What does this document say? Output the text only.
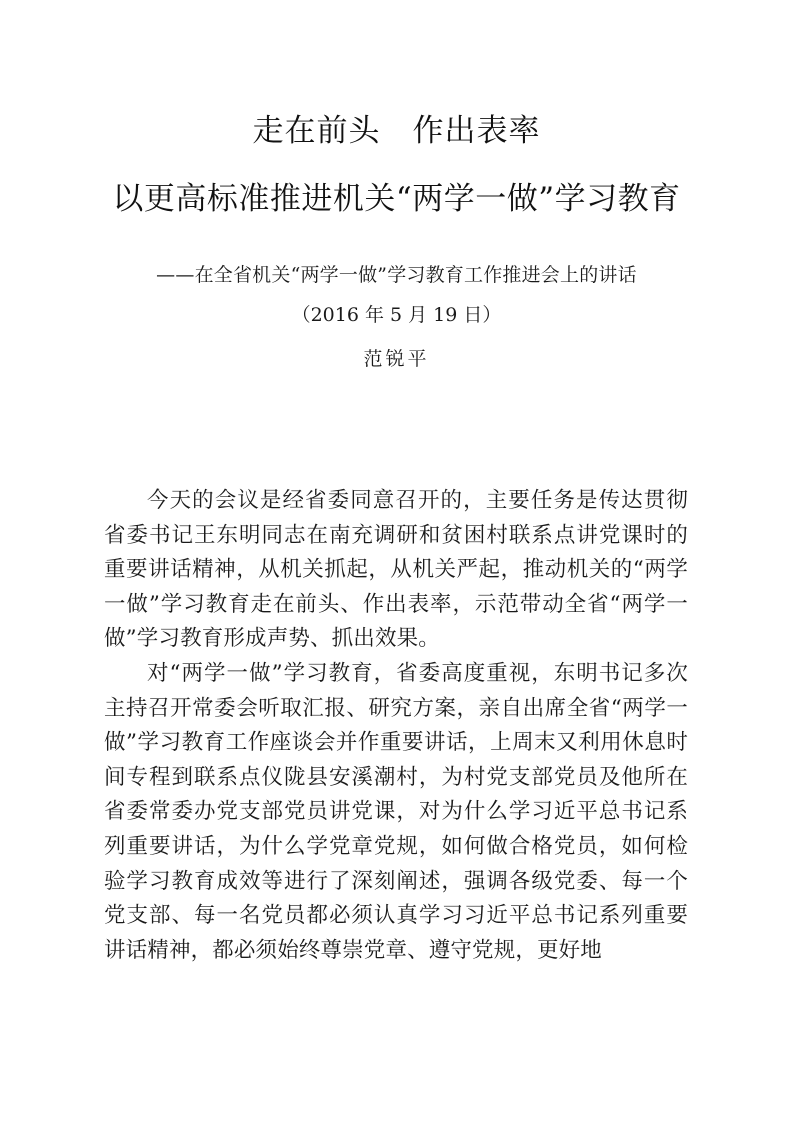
走在前头　作出表率
以更高标准推进机关“两学一做”学习教育
——在全省机关“两学一做”学习教育工作推进会上的讲话
（2016 年 5 月 19 日）
范锐平

今天的会议是经省委同意召开的，主要任务是传达贯彻省委书记王东明同志在南充调研和贫困村联系点讲党课时的重要讲话精神，从机关抓起，从机关严起，推动机关的“两学一做”学习教育走在前头、作出表率，示范带动全省“两学一做”学习教育形成声势、抓出效果。

对“两学一做”学习教育，省委高度重视，东明书记多次主持召开常委会听取汇报、研究方案，亲自出席全省“两学一做”学习教育工作座谈会并作重要讲话，上周末又利用休息时间专程到联系点仪陇县安溪潮村，为村党支部党员及他所在省委常委办党支部党员讲党课，对为什么学习近平总书记系列重要讲话，为什么学党章党规，如何做合格党员，如何检验学习教育成效等进行了深刻阐述，强调各级党委、每一个党支部、每一名党员都必须认真学习习近平总书记系列重要讲话精神，都必须始终尊崇党章、遵守党规，更好地
